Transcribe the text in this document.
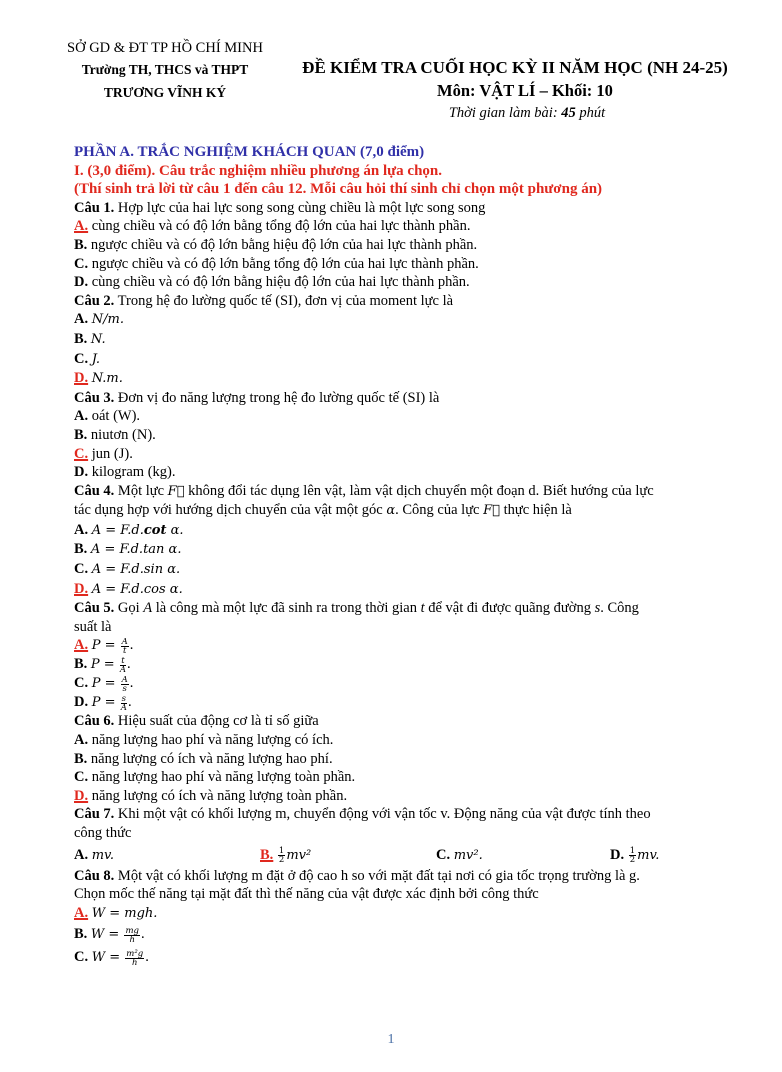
SỞ GD & ĐT TP HỒ CHÍ MINH
Trường TH, THCS và THPT
TRƯƠNG VĨNH KÝ
ĐỀ KIỂM TRA CUỐI HỌC KỲ II NĂM HỌC (NH 24-25)
Môn: VẬT LÍ – Khối: 10
Thời gian làm bài: 45 phút
PHẦN A. TRẮC NGHIỆM KHÁCH QUAN (7,0 điểm)
I. (3,0 điểm). Câu trắc nghiệm nhiều phương án lựa chọn.
(Thí sinh trả lời từ câu 1 đến câu 12. Mỗi câu hỏi thí sinh chỉ chọn một phương án)
Câu 1. Hợp lực của hai lực song song cùng chiều là một lực song song
A. cùng chiều và có độ lớn bằng tổng độ lớn của hai lực thành phần.
B. ngược chiều và có độ lớn bằng hiệu độ lớn của hai lực thành phần.
C. ngược chiều và có độ lớn bằng tổng độ lớn của hai lực thành phần.
D. cùng chiều và có độ lớn bằng hiệu độ lớn của hai lực thành phần.
Câu 2. Trong hệ đo lường quốc tế (SI), đơn vị của moment lực là
A. N/m.
B. N.
C. J.
D. N.m.
Câu 3. Đơn vị đo năng lượng trong hệ đo lường quốc tế (SI) là
A. oát (W).
B. niutơn (N).
C. jun (J).
D. kilogram (kg).
Câu 4. Một lực F⃗ không đổi tác dụng lên vật, làm vật dịch chuyển một đoạn d. Biết hướng của lực
tác dụng hợp với hướng dịch chuyển của vật một góc α. Công của lực F⃗ thực hiện là
A. A = F.d.cot α.
B. A = F.d.tan α.
C. A = F.d.sin α.
D. A = F.d.cos α.
Câu 5. Gọi A là công mà một lực đã sinh ra trong thời gian t để vật đi được quãng đường s. Công
suất là
A. $P = \frac{A}{t}$ .
B. $P = \frac{t}{A}$ .
C. $P = \frac{A}{s}$ .
D. $P = \frac{s}{A}$ .
Câu 6. Hiệu suất của động cơ là tỉ số giữa
A. năng lượng hao phí và năng lượng có ích.
B. năng lượng có ích và năng lượng hao phí.
C. năng lượng hao phí và năng lượng toàn phần.
D. năng lượng có ích và năng lượng toàn phần.
Câu 7. Khi một vật có khối lượng m, chuyển động với vận tốc v. Động năng của vật được tính theo
công thức
A. mv.	B. $\frac{1}{2} mv^2$	C. mv².	D. $\frac{1}{2}$ mv.
Câu 8. Một vật có khối lượng m đặt ở độ cao h so với mặt đất tại nơi có gia tốc trọng trường là g.
Chọn mốc thế năng tại mặt đất thì thế năng của vật được xác định bởi công thức
A. W = mgh.
B. $W = \frac{mg}{h}$ .
C. $W = \frac{\text{m²g}}{h}$ .
1
